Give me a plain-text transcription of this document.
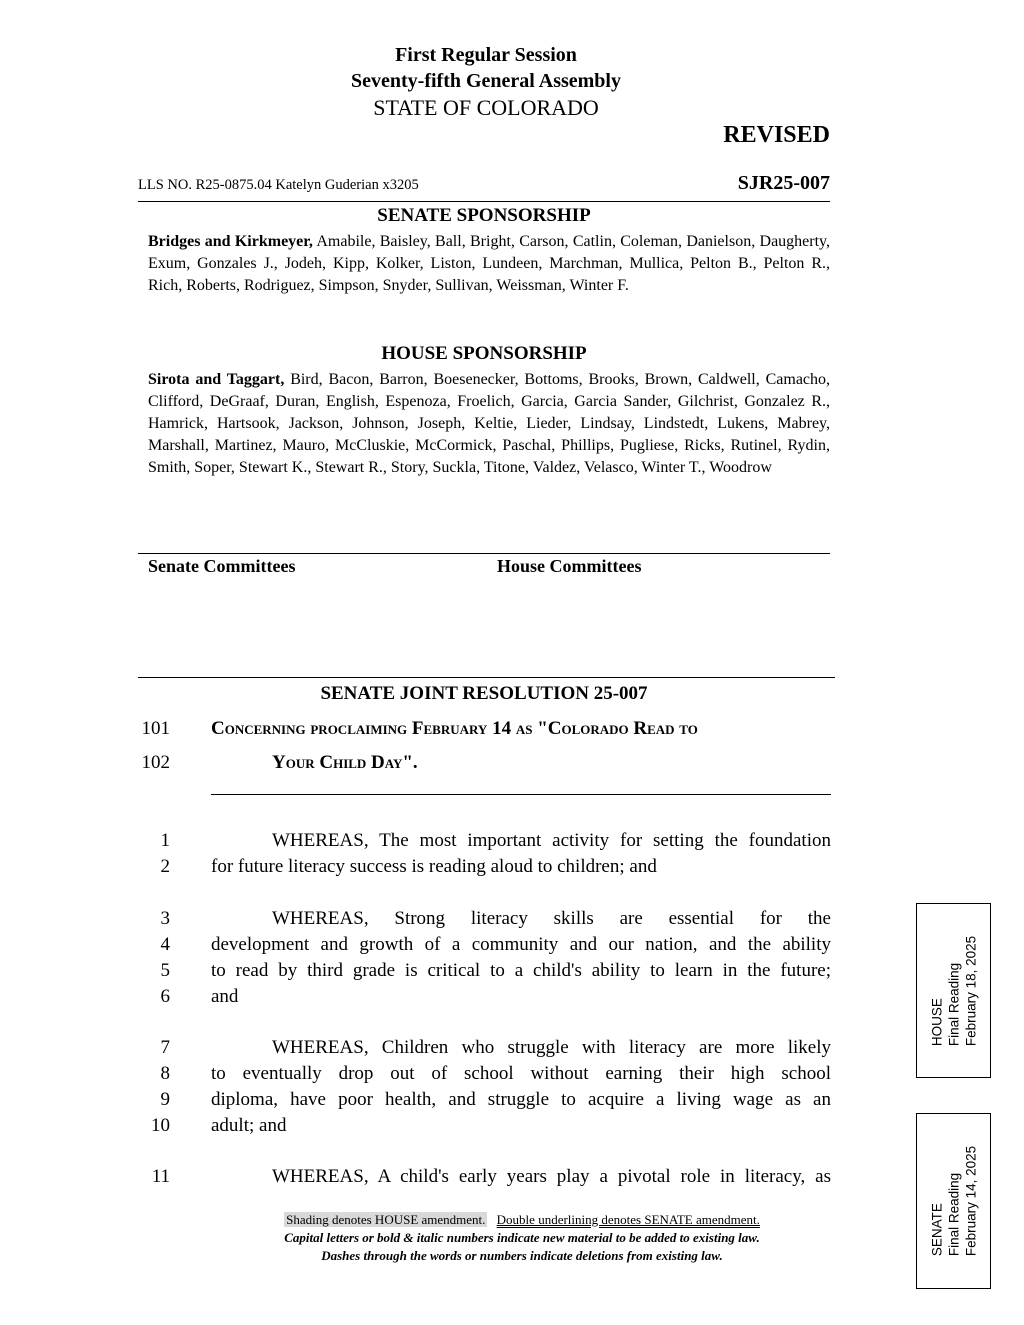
First Regular Session
Seventy-fifth General Assembly
STATE OF COLORADO
REVISED
LLS NO. R25-0875.04 Katelyn Guderian x3205	SJR25-007
SENATE SPONSORSHIP
Bridges and Kirkmeyer, Amabile, Baisley, Ball, Bright, Carson, Catlin, Coleman, Danielson, Daugherty, Exum, Gonzales J., Jodeh, Kipp, Kolker, Liston, Lundeen, Marchman, Mullica, Pelton B., Pelton R., Rich, Roberts, Rodriguez, Simpson, Snyder, Sullivan, Weissman, Winter F.
HOUSE SPONSORSHIP
Sirota and Taggart, Bird, Bacon, Barron, Boesenecker, Bottoms, Brooks, Brown, Caldwell, Camacho, Clifford, DeGraaf, Duran, English, Espenoza, Froelich, Garcia, Garcia Sander, Gilchrist, Gonzalez R., Hamrick, Hartsook, Jackson, Johnson, Joseph, Keltie, Lieder, Lindsay, Lindstedt, Lukens, Mabrey, Marshall, Martinez, Mauro, McCluskie, McCormick, Paschal, Phillips, Pugliese, Ricks, Rutinel, Rydin, Smith, Soper, Stewart K., Stewart R., Story, Suckla, Titone, Valdez, Velasco, Winter T., Woodrow
Senate Committees	House Committees
SENATE JOINT RESOLUTION 25-007
101 Concerning proclaiming February 14 as "Colorado Read to
102	Your Child Day".
1	WHEREAS, The most important activity for setting the foundation
2 for future literacy success is reading aloud to children; and
3	WHEREAS, Strong literacy skills are essential for the
4 development and growth of a community and our nation, and the ability
5 to read by third grade is critical to a child's ability to learn in the future;
6 and
7	WHEREAS, Children who struggle with literacy are more likely
8 to eventually drop out of school without earning their high school
9 diploma, have poor health, and struggle to acquire a living wage as an
10 adult; and
11	WHEREAS, A child's early years play a pivotal role in literacy, as
HOUSE Final Reading February 18, 2025
SENATE Final Reading February 14, 2025
Shading denotes HOUSE amendment. Double underlining denotes SENATE amendment.
Capital letters or bold & italic numbers indicate new material to be added to existing law.
Dashes through the words or numbers indicate deletions from existing law.
